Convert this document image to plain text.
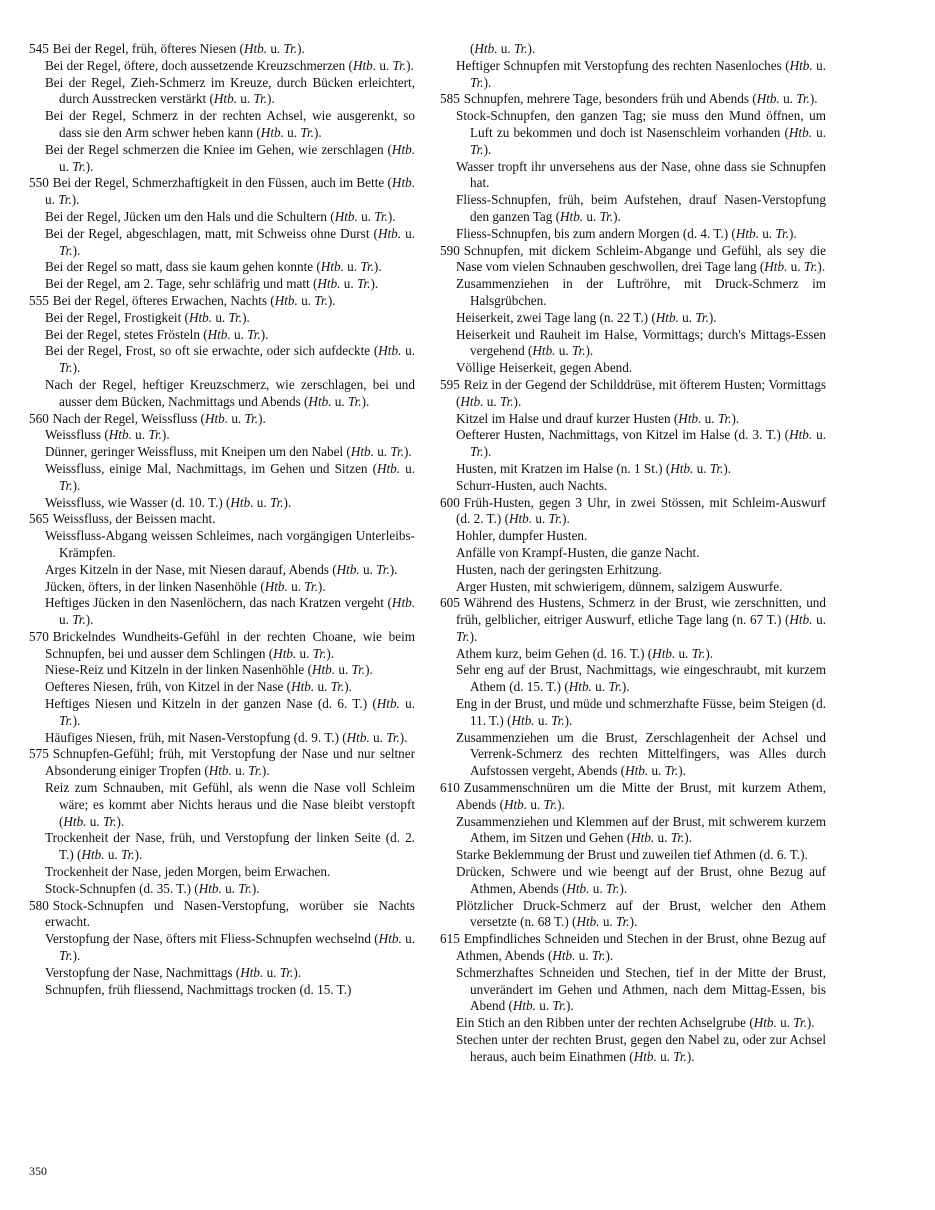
545 Bei der Regel, früh, öfteres Niesen (Htb. u. Tr.).

Bei der Regel, öftere, doch aussetzende Kreuzschmerzen (Htb. u. Tr.).

Bei der Regel, Zieh-Schmerz im Kreuze, durch Bücken erleichtert, durch Ausstrecken verstärkt (Htb. u. Tr.).

Bei der Regel, Schmerz in der rechten Achsel, wie ausgerenkt, so dass sie den Arm schwer heben kann (Htb. u. Tr.).

Bei der Regel schmerzen die Kniee im Gehen, wie zerschlagen (Htb. u. Tr.).

550 Bei der Regel, Schmerzhaftigkeit in den Füssen, auch im Bette (Htb. u. Tr.).

Bei der Regel, Jücken um den Hals und die Schultern (Htb. u. Tr.).

Bei der Regel, abgeschlagen, matt, mit Schweiss ohne Durst (Htb. u. Tr.).

Bei der Regel so matt, dass sie kaum gehen konnte (Htb. u. Tr.).

Bei der Regel, am 2. Tage, sehr schläfrig und matt (Htb. u. Tr.).

555 Bei der Regel, öfteres Erwachen, Nachts (Htb. u. Tr.).

Bei der Regel, Frostigkeit (Htb. u. Tr.).

Bei der Regel, stetes Frösteln (Htb. u. Tr.).

Bei der Regel, Frost, so oft sie erwachte, oder sich aufdeckte (Htb. u. Tr.).

Nach der Regel, heftiger Kreuzschmerz, wie zerschlagen, bei und ausser dem Bücken, Nachmittags und Abends (Htb. u. Tr.).

560 Nach der Regel, Weissfluss (Htb. u. Tr.).

Weissfluss (Htb. u. Tr.).

Dünner, geringer Weissfluss, mit Kneipen um den Nabel (Htb. u. Tr.).

Weissfluss, einige Mal, Nachmittags, im Gehen und Sitzen (Htb. u. Tr.).

Weissfluss, wie Wasser (d. 10. T.) (Htb. u. Tr.).

565 Weissfluss, der Beissen macht.

Weissfluss-Abgang weissen Schleimes, nach vorgängigen Unterleibs-Krämpfen.

Arges Kitzeln in der Nase, mit Niesen darauf, Abends (Htb. u. Tr.).

Jücken, öfters, in der linken Nasenhöhle (Htb. u. Tr.).

Heftiges Jücken in den Nasenlöchern, das nach Kratzen vergeht (Htb. u. Tr.).

570 Brickelndes Wundheits-Gefühl in der rechten Choane, wie beim Schnupfen, bei und ausser dem Schlingen (Htb. u. Tr.).

Niese-Reiz und Kitzeln in der linken Nasenhöhle (Htb. u. Tr.).

Oefteres Niesen, früh, von Kitzel in der Nase (Htb. u. Tr.).

Heftiges Niesen und Kitzeln in der ganzen Nase (d. 6. T.) (Htb. u. Tr.).

Häufiges Niesen, früh, mit Nasen-Verstopfung (d. 9. T.) (Htb. u. Tr.).

575 Schnupfen-Gefühl; früh, mit Verstopfung der Nase und nur seltner Absonderung einiger Tropfen (Htb. u. Tr.).

Reiz zum Schnauben, mit Gefühl, als wenn die Nase voll Schleim wäre; es kommt aber Nichts heraus und die Nase bleibt verstopft (Htb. u. Tr.).

Trockenheit der Nase, früh, und Verstopfung der linken Seite (d. 2. T.) (Htb. u. Tr.).

Trockenheit der Nase, jeden Morgen, beim Erwachen.

Stock-Schnupfen (d. 35. T.) (Htb. u. Tr.).

580 Stock-Schnupfen und Nasen-Verstopfung, worüber sie Nachts erwacht.

Verstopfung der Nase, öfters mit Fliess-Schnupfen wechselnd (Htb. u. Tr.).

Verstopfung der Nase, Nachmittags (Htb. u. Tr.).

Schnupfen, früh fliessend, Nachmittags trocken (d. 15. T.)

(Htb. u. Tr.).

Heftiger Schnupfen mit Verstopfung des rechten Nasenloches (Htb. u. Tr.).

585 Schnupfen, mehrere Tage, besonders früh und Abends (Htb. u. Tr.).

Stock-Schnupfen, den ganzen Tag; sie muss den Mund öffnen, um Luft zu bekommen und doch ist Nasenschleim vorhanden (Htb. u. Tr.).

Wasser tropft ihr unversehens aus der Nase, ohne dass sie Schnupfen hat.

Fliess-Schnupfen, früh, beim Aufstehen, drauf Nasen-Verstopfung den ganzen Tag (Htb. u. Tr.).

Fliess-Schnupfen, bis zum andern Morgen (d. 4. T.) (Htb. u. Tr.).

590 Schnupfen, mit dickem Schleim-Abgange und Gefühl, als sey die Nase vom vielen Schnauben geschwollen, drei Tage lang (Htb. u. Tr.).

Zusammenziehen in der Luftröhre, mit Druck-Schmerz im Halsgrübchen.

Heiserkeit, zwei Tage lang (n. 22 T.) (Htb. u. Tr.).

Heiserkeit und Rauheit im Halse, Vormittags; durch's Mittags-Essen vergehend (Htb. u. Tr.).

Völlige Heiserkeit, gegen Abend.

595 Reiz in der Gegend der Schilddrüse, mit öfterem Husten; Vormittags (Htb. u. Tr.).

Kitzel im Halse und drauf kurzer Husten (Htb. u. Tr.).

Oefterer Husten, Nachmittags, von Kitzel im Halse (d. 3. T.) (Htb. u. Tr.).

Husten, mit Kratzen im Halse (n. 1 St.) (Htb. u. Tr.).

Schurr-Husten, auch Nachts.

600 Früh-Husten, gegen 3 Uhr, in zwei Stössen, mit Schleim-Auswurf (d. 2. T.) (Htb. u. Tr.).

Hohler, dumpfer Husten.

Anfälle von Krampf-Husten, die ganze Nacht.

Husten, nach der geringsten Erhitzung.

Arger Husten, mit schwierigem, dünnem, salzigem Auswurfe.

605 Während des Hustens, Schmerz in der Brust, wie zerschnitten, und früh, gelblicher, eitriger Auswurf, etliche Tage lang (n. 67 T.) (Htb. u. Tr.).

Athem kurz, beim Gehen (d. 16. T.) (Htb. u. Tr.).

Sehr eng auf der Brust, Nachmittags, wie eingeschraubt, mit kurzem Athem (d. 15. T.) (Htb. u. Tr.).

Eng in der Brust, und müde und schmerzhafte Füsse, beim Steigen (d. 11. T.) (Htb. u. Tr.).

Zusammenziehen um die Brust, Zerschlagenheit der Achsel und Verrenk-Schmerz des rechten Mittelfingers, was Alles durch Aufstossen vergeht, Abends (Htb. u. Tr.).

610 Zusammenschnüren um die Mitte der Brust, mit kurzem Athem, Abends (Htb. u. Tr.).

Zusammenziehen und Klemmen auf der Brust, mit schwerem kurzem Athem, im Sitzen und Gehen (Htb. u. Tr.).

Starke Beklemmung der Brust und zuweilen tief Athmen (d. 6. T.).

Drücken, Schwere und wie beengt auf der Brust, ohne Bezug auf Athmen, Abends (Htb. u. Tr.).

Plötzlicher Druck-Schmerz auf der Brust, welcher den Athem versetzte (n. 68 T.) (Htb. u. Tr.).

615 Empfindliches Schneiden und Stechen in der Brust, ohne Bezug auf Athmen, Abends (Htb. u. Tr.).

Schmerzhaftes Schneiden und Stechen, tief in der Mitte der Brust, unverändert im Gehen und Athmen, nach dem Mittag-Essen, bis Abend (Htb. u. Tr.).

Ein Stich an den Ribben unter der rechten Achselgrube (Htb. u. Tr.).

Stechen unter der rechten Brust, gegen den Nabel zu, oder zur Achsel heraus, auch beim Einathmen (Htb. u. Tr.).

350
